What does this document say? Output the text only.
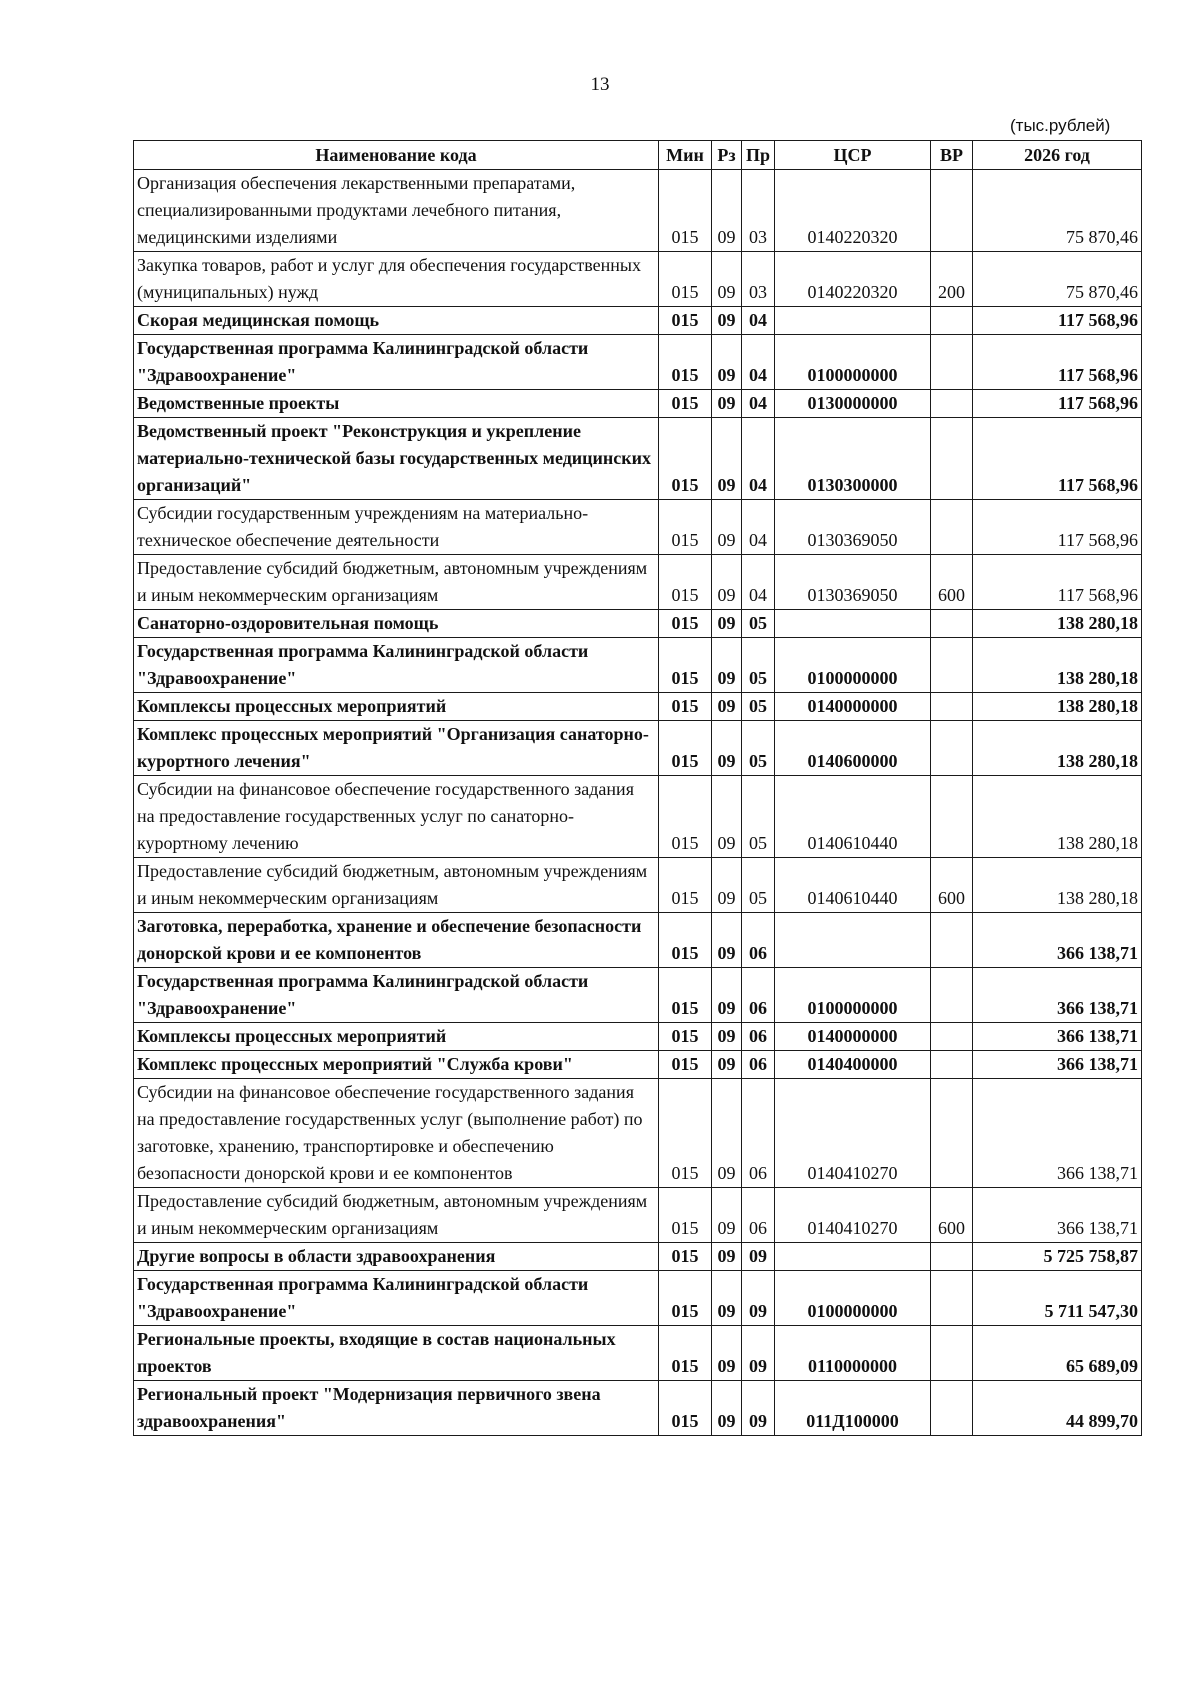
13
(тыс.рублей)
Наименование кода	Мин	Рз	Пр	ЦСР	ВР	2026 год
Организация обеспечения лекарственными препаратами, специализированными продуктами лечебного питания, медицинскими изделиями	015	09	03	0140220320		75 870,46
Закупка товаров, работ и услуг для обеспечения государственных (муниципальных) нужд	015	09	03	0140220320	200	75 870,46
Скорая медицинская помощь	015	09	04			117 568,96
Государственная программа Калининградской области "Здравоохранение"	015	09	04	0100000000		117 568,96
Ведомственные проекты	015	09	04	0130000000		117 568,96
Ведомственный проект "Реконструкция и укрепление материально-технической базы государственных медицинских организаций"	015	09	04	0130300000		117 568,96
Субсидии государственным учреждениям на материально-техническое обеспечение деятельности	015	09	04	0130369050		117 568,96
Предоставление субсидий бюджетным, автономным учреждениям и иным некоммерческим организациям	015	09	04	0130369050	600	117 568,96
Санаторно-оздоровительная помощь	015	09	05			138 280,18
Государственная программа Калининградской области "Здравоохранение"	015	09	05	0100000000		138 280,18
Комплексы процессных мероприятий	015	09	05	0140000000		138 280,18
Комплекс процессных мероприятий "Организация санаторно-курортного лечения"	015	09	05	0140600000		138 280,18
Субсидии на финансовое обеспечение государственного задания на предоставление государственных услуг по санаторно-курортному лечению	015	09	05	0140610440		138 280,18
Предоставление субсидий бюджетным, автономным учреждениям и иным некоммерческим организациям	015	09	05	0140610440	600	138 280,18
Заготовка, переработка, хранение и обеспечение безопасности донорской крови и ее компонентов	015	09	06			366 138,71
Государственная программа Калининградской области "Здравоохранение"	015	09	06	0100000000		366 138,71
Комплексы процессных мероприятий	015	09	06	0140000000		366 138,71
Комплекс процессных мероприятий "Служба крови"	015	09	06	0140400000		366 138,71
Субсидии на финансовое обеспечение государственного задания на предоставление государственных услуг (выполнение работ) по заготовке, хранению, транспортировке и обеспечению безопасности донорской крови и ее компонентов	015	09	06	0140410270		366 138,71
Предоставление субсидий бюджетным, автономным учреждениям и иным некоммерческим организациям	015	09	06	0140410270	600	366 138,71
Другие вопросы в области здравоохранения	015	09	09			5 725 758,87
Государственная программа Калининградской области "Здравоохранение"	015	09	09	0100000000		5 711 547,30
Региональные проекты, входящие в состав национальных проектов	015	09	09	0110000000		65 689,09
Региональный проект "Модернизация первичного звена здравоохранения"	015	09	09	011Д100000		44 899,70
